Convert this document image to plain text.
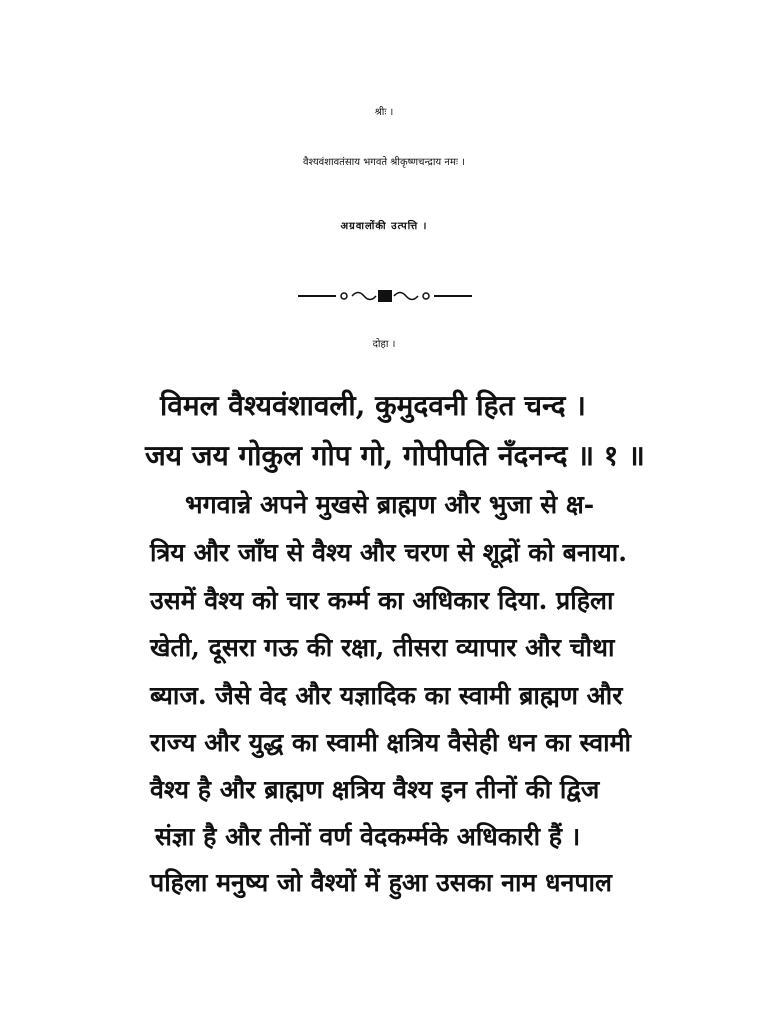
श्रीः ।
वैश्यवंशावतंसाय भगवते श्रीकृष्णचन्द्राय नमः ।
अग्रवालोंकी उत्पत्ति ।
दोहा ।
विमल वैश्यवंशावली, कुमुदवनी हित चन्द ।
जय जय गोकुल गोप गो, गोपीपति नँदनन्द ॥ १ ॥
भगवान्ने अपने मुखसे ब्राह्मण और भुजा से क्ष-
त्रिय और जाँघ से वैश्य और चरण से शूद्रों को बनाया.
उसमें वैश्य को चार कर्म्म का अधिकार दिया. प्रहिला
खेती, दूसरा गऊ की रक्षा, तीसरा व्यापार और चौथा
ब्याज. जैसे वेद और यज्ञादिक का स्वामी ब्राह्मण और
राज्य और युद्ध का स्वामी क्षत्रिय वैसेही धन का स्वामी
वैश्य है और ब्राह्मण क्षत्रिय वैश्य इन तीनों की द्विज
संज्ञा है और तीनों वर्ण वेदकर्म्मके अधिकारी हैं ।
पहिला मनुष्य जो वैश्यों में हुआ उसका नाम धनपाल
